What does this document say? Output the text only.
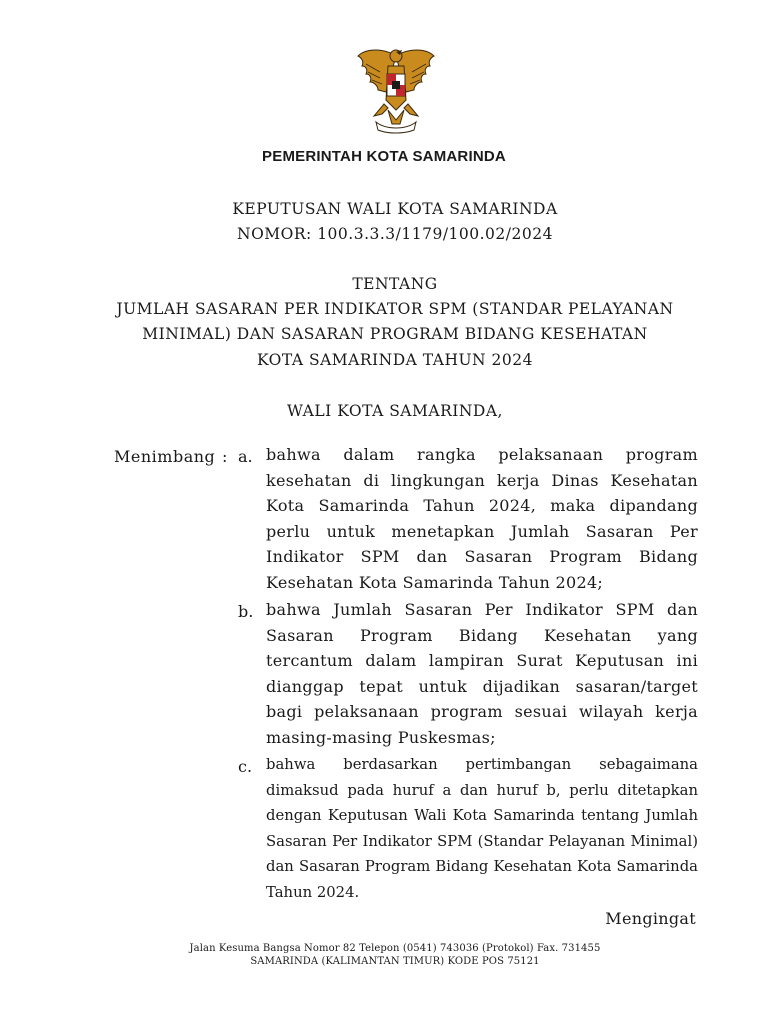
PEMERINTAH KOTA SAMARINDA
KEPUTUSAN WALI KOTA SAMARINDA
NOMOR: 100.3.3.3/1179/100.02/2024
TENTANG
JUMLAH SASARAN PER INDIKATOR SPM (STANDAR PELAYANAN
MINIMAL) DAN SASARAN PROGRAM BIDANG KESEHATAN
KOTA SAMARINDA TAHUN 2024
WALI KOTA SAMARINDA,
Menimbang : a. bahwa dalam rangka pelaksanaan program kesehatan di lingkungan kerja Dinas Kesehatan Kota Samarinda Tahun 2024, maka dipandang perlu untuk menetapkan Jumlah Sasaran Per Indikator SPM dan Sasaran Program Bidang Kesehatan Kota Samarinda Tahun 2024;
b. bahwa Jumlah Sasaran Per Indikator SPM dan Sasaran Program Bidang Kesehatan yang tercantum dalam lampiran Surat Keputusan ini dianggap tepat untuk dijadikan sasaran/target bagi pelaksanaan program sesuai wilayah kerja masing-masing Puskesmas;
c. bahwa berdasarkan pertimbangan sebagaimana dimaksud pada huruf a dan huruf b, perlu ditetapkan dengan Keputusan Wali Kota Samarinda tentang Jumlah Sasaran Per Indikator SPM (Standar Pelayanan Minimal) dan Sasaran Program Bidang Kesehatan Kota Samarinda Tahun 2024.
Mengingat
Jalan Kesuma Bangsa Nomor 82 Telepon (0541) 743036 (Protokol) Fax. 731455
SAMARINDA (KALIMANTAN TIMUR) KODE POS 75121
